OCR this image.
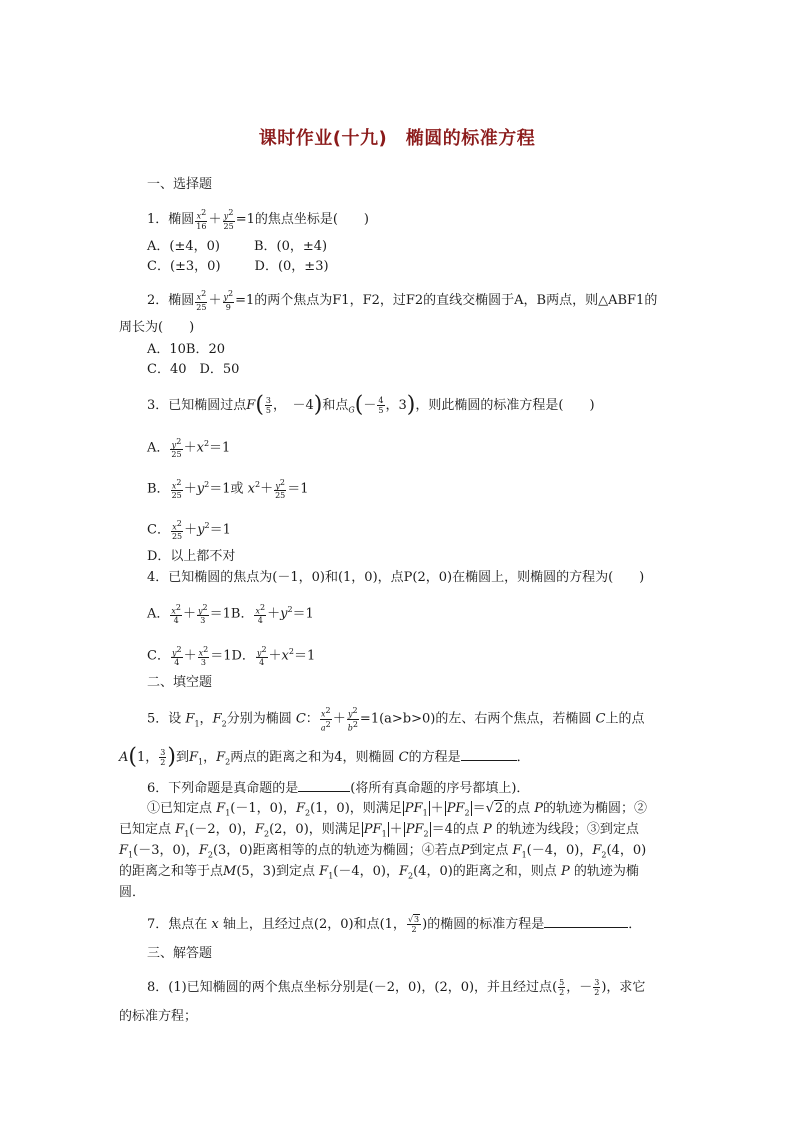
课时作业(十九)　椭圆的标准方程
一、选择题
1．椭圆 $\frac{x^2}{16} + \frac{y^2}{25} =1$的焦点坐标是(　　)
A．(±4，0)	B．(0，±4)
C．(±3，0)	D．(0，±3)
2．椭圆 $\frac{x^2}{25} + \frac{y^2}{9} =1$的两个焦点为F1，F2，过F2的直线交椭圆于A，B两点，则△ABF1的
周长为(　　)
A．10B．20
C．40　D．50
3．已知椭圆过点$F( \frac{3}{5}$ ，　－4)和点$_G(- \frac{4}{5}$ ，3)，则此椭圆的标准方程是(　　)
A． $\frac{y^2}{25} +x^2=1$
B． $\frac{x^2}{25} +y^2=1$或 $x^2+ \frac{y^2}{25} =1$
C． $\frac{x^2}{25} +y^2=1$
D．以上都不对
4．已知椭圆的焦点为(－1，0)和(1，0)，点P(2，0)在椭圆上，则椭圆的方程为(　　)
A． $\frac{x^2}{4} + \frac{y^2}{3} =1B$． $\frac{x^2}{4} +y^2=1$
C． $\frac{y^2}{4} + \frac{x^2}{3} =1D$． $\frac{y^2}{4} +x^2=1$
二、填空题
5．设 $F_1$，$F_2$分别为椭圆 C： $\frac{x^2}{a^2} + \frac{y^2}{b^2} =1(a>b>0)$的左、右两个焦点，若椭圆 C上的点
A(1， $\frac{3}{2}$ )到$F_1$，$F_2$两点的距离之和为4，则椭圆 C的方程是	．
6．下列命题是真命题的是	(将所有真命题的序号都填上)．
①已知定点 $F_1(-1$，0)，$F_2(1$，0)，则满足 $PF_1 + PF_2 =√2$的点 P的轨迹为椭圆；②
已知定点 $F_1(-2$，0)，$F_2(2$，0)，则满足 $PF_1 + PF_2 =4$的点 P 的轨迹为线段；③到定点
$F_1(-3$，0)，$F_2(3$，0)距离相等的点的轨迹为椭圆；④若点P到定点 $F_1(-4$，0)，$F_2(4$，0)
的距离之和等于点M(5，3)到定点 $F_1(-4$，0)，$F_2(4$，0)的距离之和，则点 P 的轨迹为椭
圆．
7．焦点在 x 轴上，且经过点(2，0)和点(1， $\frac{√3}{2}$ )的椭圆的标准方程是	．
三、解答题
8．(1)已知椭圆的两个焦点坐标分别是(－2，0)，(2，0)，并且经过点( $\frac{5}{2}$ ，－ $\frac{3}{2}$ )，求它
的标准方程；
